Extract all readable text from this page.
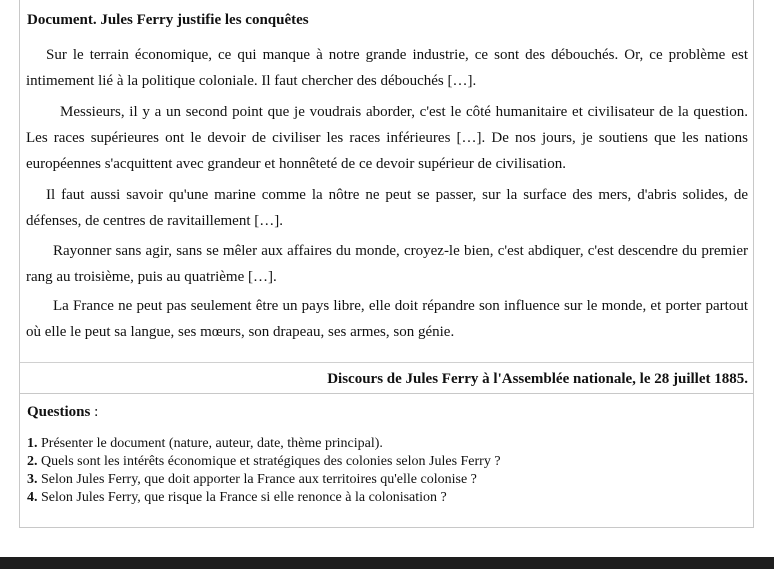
Document. Jules Ferry justifie les conquêtes
Sur le terrain économique, ce qui manque à notre grande industrie, ce sont des débouchés. Or, ce problème est intimement lié à la politique coloniale. Il faut chercher des débouchés […].
Messieurs, il y a un second point que je voudrais aborder, c'est le côté humanitaire et civilisateur de la question. Les races supérieures ont le devoir de civiliser les races inférieures […]. De nos jours, je soutiens que les nations européennes s'acquittent avec grandeur et honnêteté de ce devoir supérieur de civilisation.
Il faut aussi savoir qu'une marine comme la nôtre ne peut se passer, sur la surface des mers, d'abris solides, de défenses, de centres de ravitaillement […].
Rayonner sans agir, sans se mêler aux affaires du monde, croyez-le bien, c'est abdiquer, c'est descendre du premier rang au troisième, puis au quatrième […].
La France ne peut pas seulement être un pays libre, elle doit répandre son influence sur le monde, et porter partout où elle le peut sa langue, ses mœurs, son drapeau, ses armes, son génie.
Discours de Jules Ferry à l'Assemblée nationale, le 28 juillet 1885.
Questions :
1. Présenter le document (nature, auteur, date, thème principal).
2. Quels sont les intérêts économique et stratégiques des colonies selon Jules Ferry ?
3. Selon Jules Ferry, que doit apporter la France aux territoires qu'elle colonise ?
4. Selon Jules Ferry, que risque la France si elle renonce à la colonisation ?
